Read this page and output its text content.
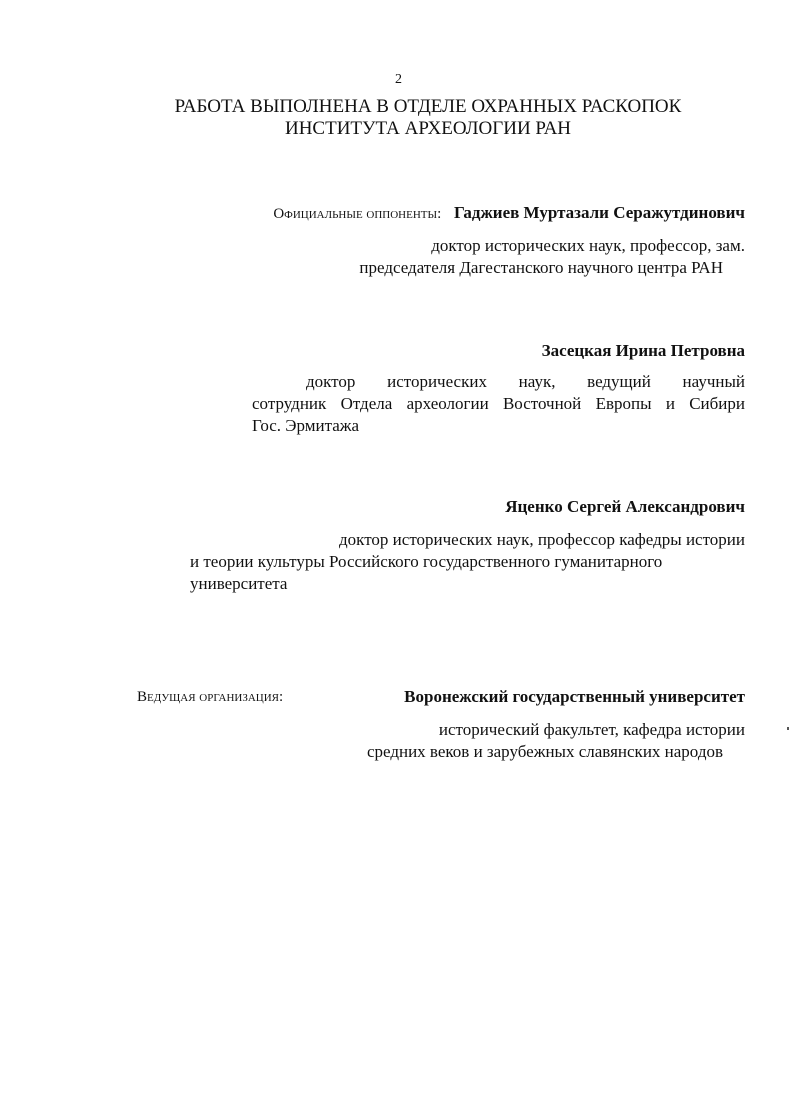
2
РАБОТА ВЫПОЛНЕНА В ОТДЕЛЕ ОХРАННЫХ РАСКОПОК
ИНСТИТУТА АРХЕОЛОГИИ РАН
Официальные оппоненты: Гаджиев Муртазали Серажутдинович
доктор исторических наук, профессор, зам.
председателя Дагестанского научного центра РАН
Засецкая Ирина Петровна
доктор исторических наук, ведущий научный
сотрудник Отдела археологии Восточной Европы и Сибири
Гос. Эрмитажа
Яценко Сергей Александрович
доктор исторических наук, профессор кафедры истории
и теории культуры Российского государственного гуманитарного
университета
Ведущая организация:	Воронежский государственный университет
исторический факультет, кафедра истории
средних веков и зарубежных славянских народов
